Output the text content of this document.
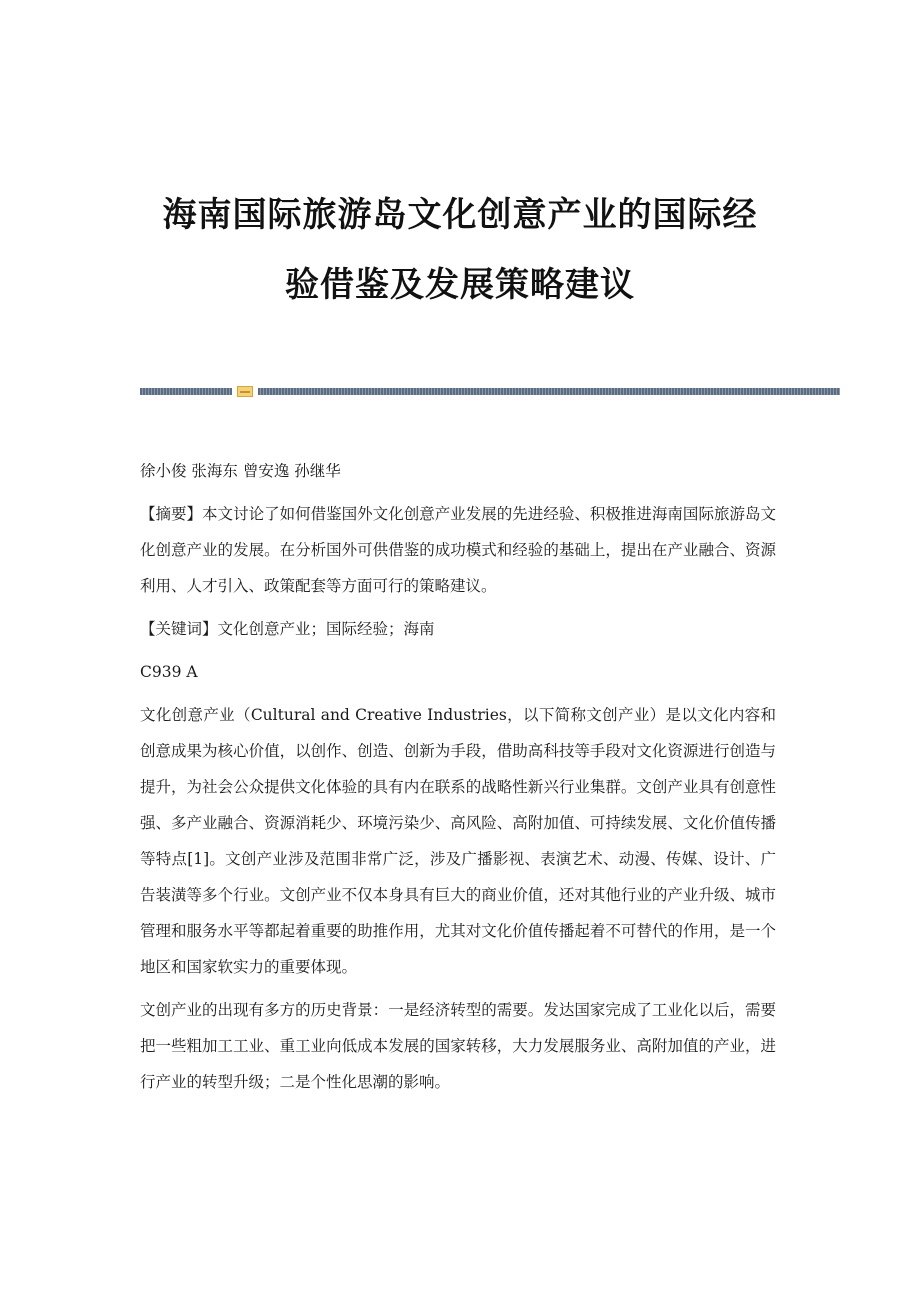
海南国际旅游岛文化创意产业的国际经
验借鉴及发展策略建议

徐小俊 张海东 曾安逸 孙继华

【摘要】本文讨论了如何借鉴国外文化创意产业发展的先进经验、积极推进海南国际旅游岛文化创意产业的发展。在分析国外可供借鉴的成功模式和经验的基础上，提出在产业融合、资源利用、人才引入、政策配套等方面可行的策略建议。

【关键词】文化创意产业；国际经验；海南

C939 A

文化创意产业（Cultural and Creative Industries，以下简称文创产业）是以文化内容和创意成果为核心价值，以创作、创造、创新为手段，借助高科技等手段对文化资源进行创造与提升，为社会公众提供文化体验的具有内在联系的战略性新兴行业集群。文创产业具有创意性强、多产业融合、资源消耗少、环境污染少、高风险、高附加值、可持续发展、文化价值传播等特点[1]。文创产业涉及范围非常广泛，涉及广播影视、表演艺术、动漫、传媒、设计、广告装潢等多个行业。文创产业不仅本身具有巨大的商业价值，还对其他行业的产业升级、城市管理和服务水平等都起着重要的助推作用，尤其对文化价值传播起着不可替代的作用，是一个地区和国家软实力的重要体现。

文创产业的出现有多方的历史背景：一是经济转型的需要。发达国家完成了工业化以后，需要把一些粗加工工业、重工业向低成本发展的国家转移，大力发展服务业、高附加值的产业，进行产业的转型升级；二是个性化思潮的影响。
